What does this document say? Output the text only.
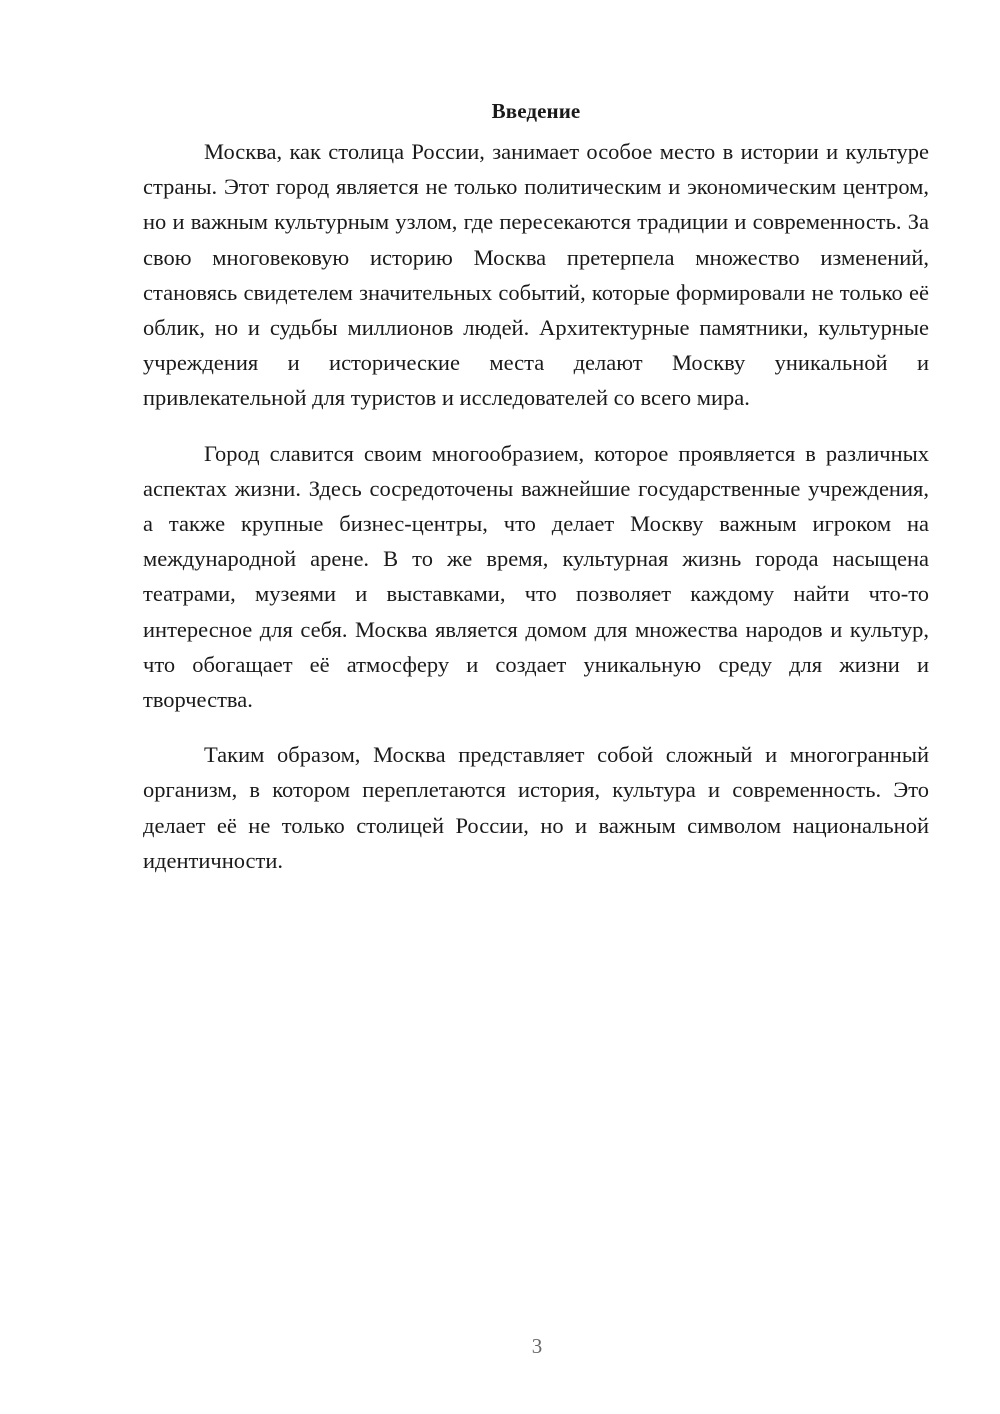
Введение

Москва, как столица России, занимает особое место в истории и культуре страны. Этот город является не только политическим и экономическим центром, но и важным культурным узлом, где пересекаются традиции и современность. За свою многовековую историю Москва претерпела множество изменений, становясь свидетелем значительных событий, которые формировали не только её облик, но и судьбы миллионов людей. Архитектурные памятники, культурные учреждения и исторические места делают Москву уникальной и привлекательной для туристов и исследователей со всего мира.

Город славится своим многообразием, которое проявляется в различных аспектах жизни. Здесь сосредоточены важнейшие государственные учреждения, а также крупные бизнес-центры, что делает Москву важным игроком на международной арене. В то же время, культурная жизнь города насыщена театрами, музеями и выставками, что позволяет каждому найти что-то интересное для себя. Москва является домом для множества народов и культур, что обогащает её атмосферу и создает уникальную среду для жизни и творчества.

Таким образом, Москва представляет собой сложный и многогранный организм, в котором переплетаются история, культура и современность. Это делает её не только столицей России, но и важным символом национальной идентичности.

3
